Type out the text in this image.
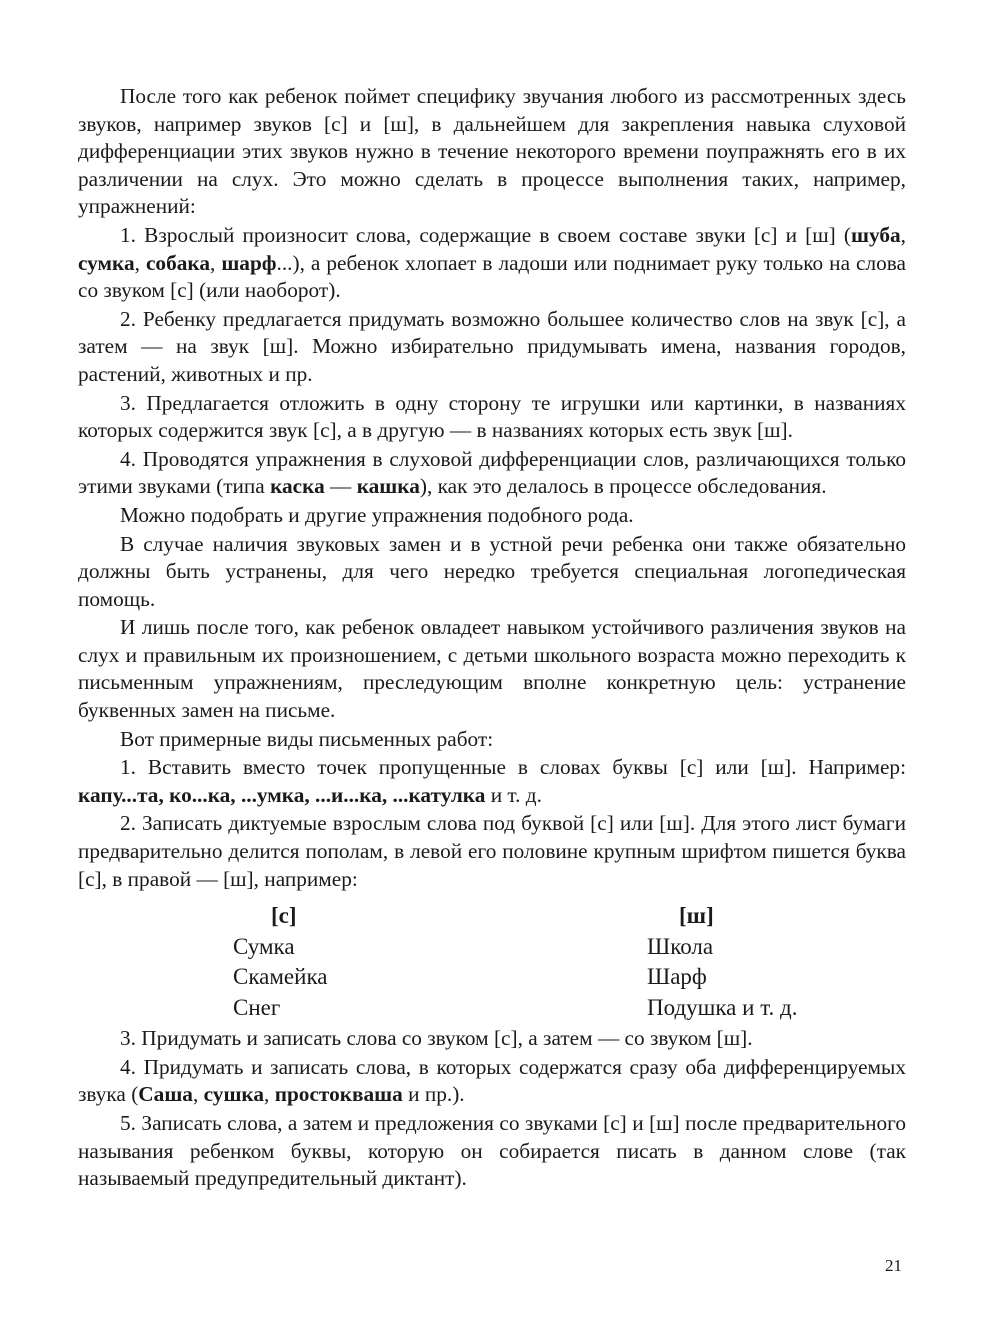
После того как ребенок поймет специфику звучания любого из рассмотренных здесь звуков, например звуков [с] и [ш], в дальнейшем для закрепления навыка слуховой дифференциации этих звуков нужно в течение некоторого времени поупражнять его в их различении на слух. Это можно сделать в процессе выполнения таких, например, упражнений:

1. Взрослый произносит слова, содержащие в своем составе звуки [с] и [ш] (шуба, сумка, собака, шарф...), а ребенок хлопает в ладоши или поднимает руку только на слова со звуком [с] (или наоборот).

2. Ребенку предлагается придумать возможно большее количество слов на звук [с], а затем — на звук [ш]. Можно избирательно придумывать имена, названия городов, растений, животных и пр.

3. Предлагается отложить в одну сторону те игрушки или картинки, в названиях которых содержится звук [с], а в другую — в названиях которых есть звук [ш].

4. Проводятся упражнения в слуховой дифференциации слов, различающихся только этими звуками (типа каска — кашка), как это делалось в процессе обследования.

Можно подобрать и другие упражнения подобного рода.

В случае наличия звуковых замен и в устной речи ребенка они также обязательно должны быть устранены, для чего нередко требуется специальная логопедическая помощь.

И лишь после того, как ребенок овладеет навыком устойчивого различения звуков на слух и правильным их произношением, с детьми школьного возраста можно переходить к письменным упражнениям, преследующим вполне конкретную цель: устранение буквенных замен на письме.

Вот примерные виды письменных работ:

1. Вставить вместо точек пропущенные в словах буквы [с] или [ш]. Например: капу...та, ко...ка, ...умка, ...и...ка, ...катулка и т. д.

2. Записать диктуемые взрослым слова под буквой [с] или [ш]. Для этого лист бумаги предварительно делится пополам, в левой его половине крупным шрифтом пишется буква [с], в правой — [ш], например:

[с]
Сумка
Скамейка
Снег
[ш]
Школа
Шарф
Подушка и т. д.

3. Придумать и записать слова со звуком [с], а затем — со звуком [ш].

4. Придумать и записать слова, в которых содержатся сразу оба дифференцируемых звука (Саша, сушка, простокваша и пр.).

5. Записать слова, а затем и предложения со звуками [с] и [ш] после предварительного называния ребенком буквы, которую он собирается писать в данном слове (так называемый предупредительный диктант).

21
